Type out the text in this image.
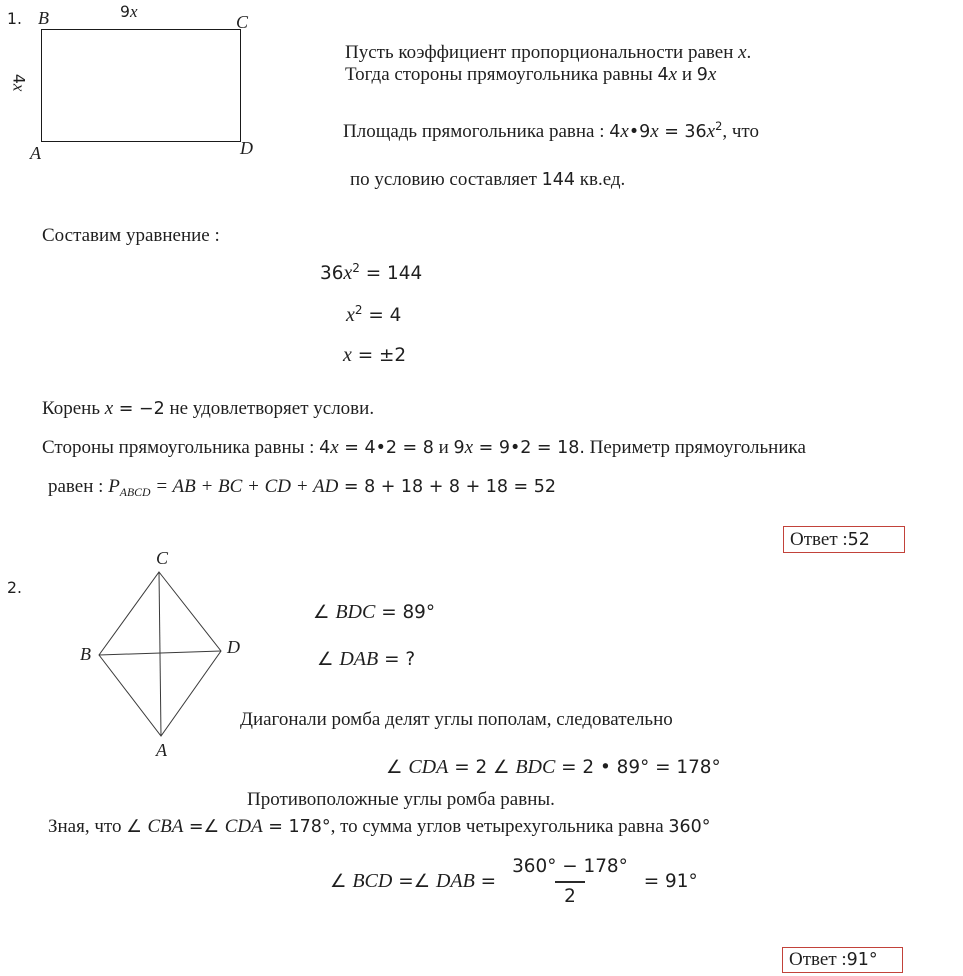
1. B	C
A	D
9x
4x
Пусть коэффициент пропорциональности равен x.
Тогда стороны прямоугольника равны 4x и 9x
Площадь прямогольника равна : 4x•9x = $36x^2$, что
по условию составляет 144 кв.ед.
Составим уравнение :
$36x^2 = 144$
$x^2 = 4$
x = ±2
Корень x = −2 не удовлетворяет услови.
Стороны прямоугольника равны : 4x = 4•2 = 8 и 9x = 9•2 = 18. Периметр прямоугольника
равен : $P_{ABCD}$ = AB + BC + CD + AD = 8 + 18 + 8 + 18 = 52
Ответ : 52
2.
C
B	D
A
∠ BDC = 89°
∠ DAB = ?
Диагонали ромба делят углы пополам, следовательно
∠ CDA = 2 ∠ BDC = 2 • 89° = 178°
Противоположные углы ромба равны.
Зная, что ∠ CBA =∠ CDA = 178°, то сумма углов четырехугольника равна 360°
∠ BCD =∠ DAB = $\frac{360^\circ - 178^\circ}{2} = 91^\circ$
Ответ : 91°
